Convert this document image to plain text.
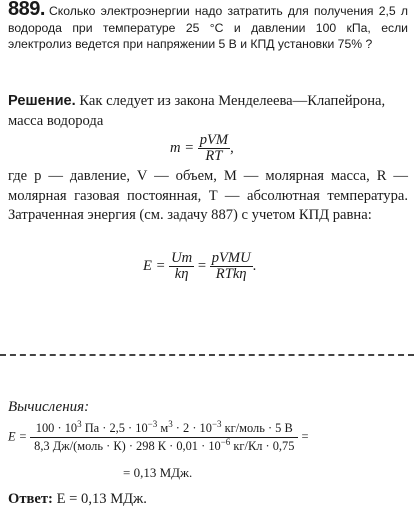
889. Сколько электроэнергии надо затратить для получения 2,5 л водорода при температуре 25 °С и давлении 100 кПа, если электролиз ведется при напряжении 5 В и КПД установки 75% ?
Решение. Как следует из закона Менделеева—Клапейрона, масса водорода
$m = \frac{\text{pVM}}{RT}$ ,
где p — давление, V — объем, M — молярная масса, R — молярная газовая постоянная, T — абсолютная температура. Затраченная энергия (см. задачу 887) с учетом КПД равна:
$E = \frac{Um}{k\eta} = \frac{\text{pVMU}}{\text{RTkη}}$ .
Вычисления:
$E = \frac{100 \cdot 10^3 Па \cdot 2,5 \cdot 10^{-3} м^3 \cdot 2 \cdot 10^{-3} кг/моль \cdot 5 В}{8,3 Дж/(моль \cdot К) \cdot 298 К \cdot 0,01 \cdot 10^{-6} кг/Кл \cdot 0,75}$ =
= 0,13 МДж.
Ответ: E = 0,13 МДж.
